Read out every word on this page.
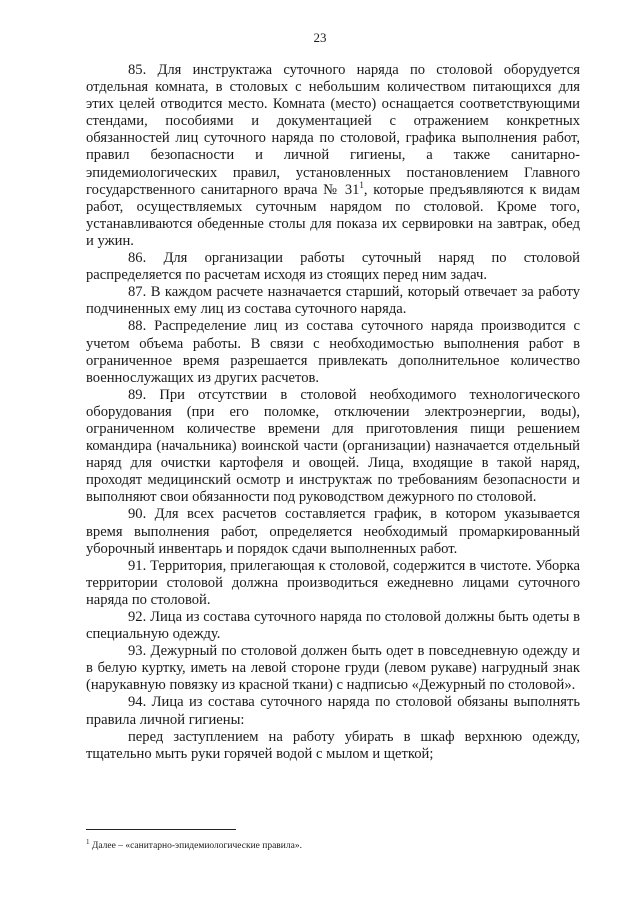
23

85. Для инструктажа суточного наряда по столовой оборудуется отдельная комната, в столовых с небольшим количеством питающихся для этих целей отводится место. Комната (место) оснащается соответствующими стендами, пособиями и документацией с отражением конкретных обязанностей лиц суточного наряда по столовой, графика выполнения работ, правил безопасности и личной гигиены, а также санитарно-эпидемиологических правил, установленных постановлением Главного государственного санитарного врача № $31^1$, которые предъявляются к видам работ, осуществляемых суточным нарядом по столовой. Кроме того, устанавливаются обеденные столы для показа их сервировки на завтрак, обед и ужин.

86. Для организации работы суточный наряд по столовой распределяется по расчетам исходя из стоящих перед ним задач.

87. В каждом расчете назначается старший, который отвечает за работу подчиненных ему лиц из состава суточного наряда.

88. Распределение лиц из состава суточного наряда производится с учетом объема работы. В связи с необходимостью выполнения работ в ограниченное время разрешается привлекать дополнительное количество военнослужащих из других расчетов.

89. При отсутствии в столовой необходимого технологического оборудования (при его поломке, отключении электроэнергии, воды), ограниченном количестве времени для приготовления пищи решением командира (начальника) воинской части (организации) назначается отдельный наряд для очистки картофеля и овощей. Лица, входящие в такой наряд, проходят медицинский осмотр и инструктаж по требованиям безопасности и выполняют свои обязанности под руководством дежурного по столовой.

90. Для всех расчетов составляется график, в котором указывается время выполнения работ, определяется необходимый промаркированный уборочный инвентарь и порядок сдачи выполненных работ.

91. Территория, прилегающая к столовой, содержится в чистоте. Уборка территории столовой должна производиться ежедневно лицами суточного наряда по столовой.

92. Лица из состава суточного наряда по столовой должны быть одеты в специальную одежду.

93. Дежурный по столовой должен быть одет в повседневную одежду и в белую куртку, иметь на левой стороне груди (левом рукаве) нагрудный знак (нарукавную повязку из красной ткани) с надписью «Дежурный по столовой».

94. Лица из состава суточного наряда по столовой обязаны выполнять правила личной гигиены:

перед заступлением на работу убирать в шкаф верхнюю одежду, тщательно мыть руки горячей водой с мылом и щеткой;

$^1$ Далее – «санитарно-эпидемиологические правила».
